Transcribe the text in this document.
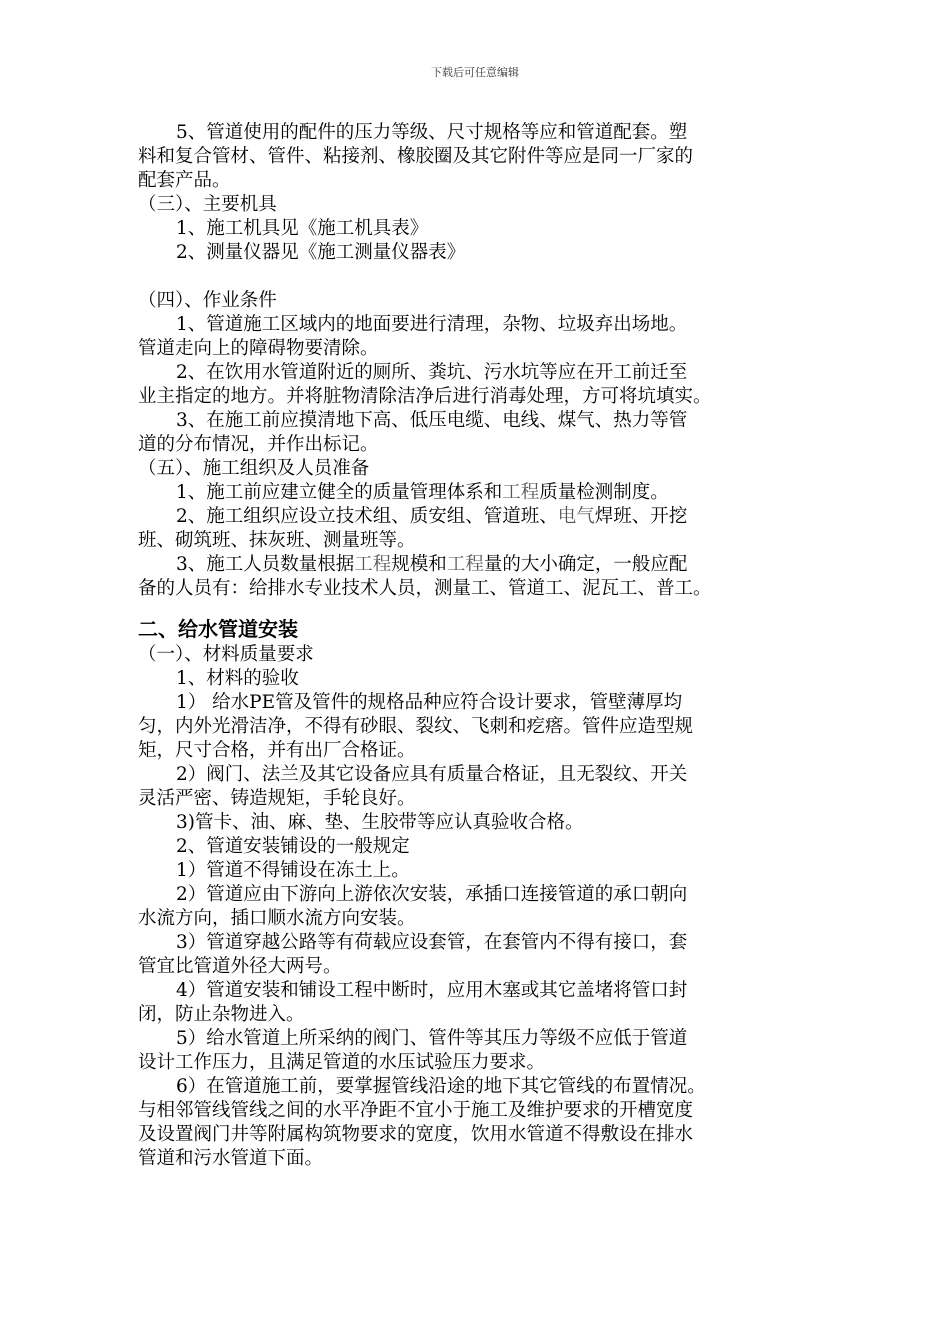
下载后可任意编辑

5、管道使用的配件的压力等级、尺寸规格等应和管道配套。塑

料和复合管材、管件、粘接剂、橡胶圈及其它附件等应是同一厂家的

配套产品。

（三）、主要机具

1、施工机具见《施工机具表》

2、测量仪器见《施工测量仪器表》

（四）、作业条件

1、管道施工区域内的地面要进行清理，杂物、垃圾弃出场地。

管道走向上的障碍物要清除。

2、在饮用水管道附近的厕所、粪坑、污水坑等应在开工前迁至

业主指定的地方。并将脏物清除洁净后进行消毒处理，方可将坑填实。

3、在施工前应摸清地下高、低压电缆、电线、煤气、热力等管

道的分布情况，并作出标记。

（五）、施工组织及人员准备

1、施工前应建立健全的质量管理体系和工程质量检测制度。

2、施工组织应设立技术组、质安组、管道班、电气焊班、开挖

班、砌筑班、抹灰班、测量班等。

3、施工人员数量根据工程规模和工程量的大小确定，一般应配

备的人员有：给排水专业技术人员，测量工、管道工、泥瓦工、普工。

二、给水管道安装

（一）、材料质量要求

1、材料的验收

1） 给水PE管及管件的规格品种应符合设计要求，管壁薄厚均

匀，内外光滑洁净，不得有砂眼、裂纹、飞刺和疙瘩。管件应造型规

矩，尺寸合格，并有出厂合格证。

2）阀门、法兰及其它设备应具有质量合格证，且无裂纹、开关

灵活严密、铸造规矩，手轮良好。

3)管卡、油、麻、垫、生胶带等应认真验收合格。

2、管道安装铺设的一般规定

1）管道不得铺设在冻土上。

2）管道应由下游向上游依次安装，承插口连接管道的承口朝向

水流方向，插口顺水流方向安装。

3）管道穿越公路等有荷载应设套管，在套管内不得有接口，套

管宜比管道外径大两号。

4）管道安装和铺设工程中断时，应用木塞或其它盖堵将管口封

闭，防止杂物进入。

5）给水管道上所采纳的阀门、管件等其压力等级不应低于管道

设计工作压力，且满足管道的水压试验压力要求。

6）在管道施工前，要掌握管线沿途的地下其它管线的布置情况。

与相邻管线管线之间的水平净距不宜小于施工及维护要求的开槽宽度

及设置阀门井等附属构筑物要求的宽度，饮用水管道不得敷设在排水

管道和污水管道下面。
